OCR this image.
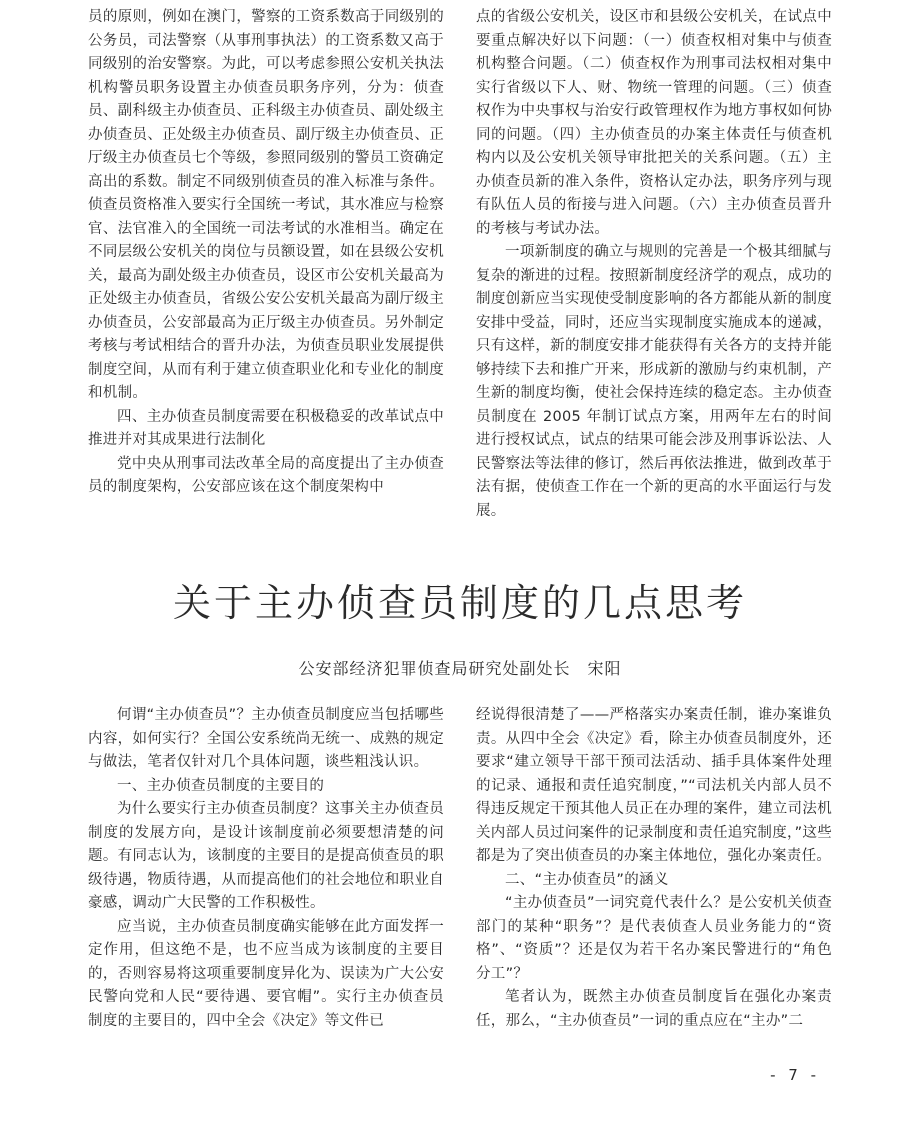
员的原则，例如在澳门，警察的工资系数高于同级别的公务员，司法警察（从事刑事执法）的工资系数又高于同级别的治安警察。为此，可以考虑参照公安机关执法机构警员职务设置主办侦查员职务序列，分为：侦查员、副科级主办侦查员、正科级主办侦查员、副处级主办侦查员、正处级主办侦查员、副厅级主办侦查员、正厅级主办侦查员七个等级，参照同级别的警员工资确定高出的系数。制定不同级别侦查员的准入标准与条件。侦查员资格准入要实行全国统一考试，其水准应与检察官、法官准入的全国统一司法考试的水准相当。确定在不同层级公安机关的岗位与员额设置，如在县级公安机关，最高为副处级主办侦查员，设区市公安机关最高为正处级主办侦查员，省级公安公安机关最高为副厅级主办侦查员，公安部最高为正厅级主办侦查员。另外制定考核与考试相结合的晋升办法，为侦查员职业发展提供制度空间，从而有利于建立侦查职业化和专业化的制度和机制。

四、主办侦查员制度需要在积极稳妥的改革试点中推进并对其成果进行法制化

党中央从刑事司法改革全局的高度提出了主办侦查员的制度架构，公安部应该在这个制度架构中

点的省级公安机关，设区市和县级公安机关，在试点中要重点解决好以下问题：（一）侦查权相对集中与侦查机构整合问题。（二）侦查权作为刑事司法权相对集中实行省级以下人、财、物统一管理的问题。（三）侦查权作为中央事权与治安行政管理权作为地方事权如何协同的问题。（四）主办侦查员的办案主体责任与侦查机构内以及公安机关领导审批把关的关系问题。（五）主办侦查员新的准入条件，资格认定办法，职务序列与现有队伍人员的衔接与进入问题。（六）主办侦查员晋升的考核与考试办法。

一项新制度的确立与规则的完善是一个极其细腻与复杂的渐进的过程。按照新制度经济学的观点，成功的制度创新应当实现使受制度影响的各方都能从新的制度安排中受益，同时，还应当实现制度实施成本的递减，只有这样，新的制度安排才能获得有关各方的支持并能够持续下去和推广开来，形成新的激励与约束机制，产生新的制度均衡，使社会保持连续的稳定态。主办侦查员制度在 2005 年制订试点方案，用两年左右的时间进行授权试点，试点的结果可能会涉及刑事诉讼法、人民警察法等法律的修订，然后再依法推进，做到改革于法有据，使侦查工作在一个新的更高的水平面运行与发展。

关于主办侦查员制度的几点思考
公安部经济犯罪侦查局研究处副处长　宋阳

何谓“主办侦查员”？主办侦查员制度应当包括哪些内容，如何实行？全国公安系统尚无统一、成熟的规定与做法，笔者仅针对几个具体问题，谈些粗浅认识。

一、主办侦查员制度的主要目的

为什么要实行主办侦查员制度？这事关主办侦查员制度的发展方向，是设计该制度前必须要想清楚的问题。有同志认为，该制度的主要目的是提高侦查员的职级待遇，物质待遇，从而提高他们的社会地位和职业自豪感，调动广大民警的工作积极性。

应当说，主办侦查员制度确实能够在此方面发挥一定作用，但这绝不是，也不应当成为该制度的主要目的，否则容易将这项重要制度异化为、误读为广大公安民警向党和人民“要待遇、要官帽”。实行主办侦查员制度的主要目的，四中全会《决定》等文件已

经说得很清楚了——严格落实办案责任制，谁办案谁负责。从四中全会《决定》看，除主办侦查员制度外，还要求“建立领导干部干预司法活动、插手具体案件处理的记录、通报和责任追究制度，”“司法机关内部人员不得违反规定干预其他人员正在办理的案件，建立司法机关内部人员过问案件的记录制度和责任追究制度，”这些都是为了突出侦查员的办案主体地位，强化办案责任。

二、“主办侦查员”的涵义

“主办侦查员”一词究竟代表什么？是公安机关侦查部门的某种“职务”？是代表侦查人员业务能力的“资格”、“资质”？还是仅为若干名办案民警进行的“角色分工”？

笔者认为，既然主办侦查员制度旨在强化办案责任，那么，“主办侦查员”一词的重点应在“主办”二

- 7 -
